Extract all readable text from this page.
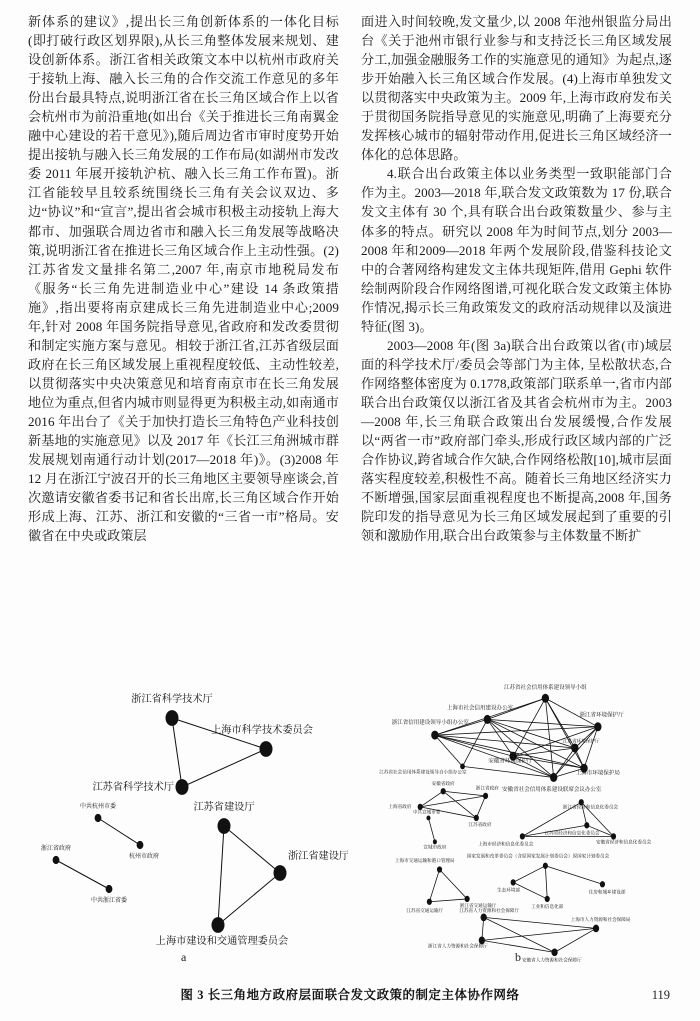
新体系的建议》,提出长三角创新体系的一体化目标(即打破行政区划界限),从长三角整体发展来规划、建设创新体系。浙江省相关政策文本中以杭州市政府关于接轨上海、融入长三角的合作交流工作意见的多年份出台最具特点,说明浙江省在长三角区域合作上以省会杭州市为前沿重地(如出台《关于推进长三角南翼金融中心建设的若干意见》),随后周边省市审时度势开始提出接轨与融入长三角发展的工作布局(如湖州市发改委 2011 年展开接轨沪杭、融入长三角工作布置)。浙江省能较早且较系统围绕长三角有关会议双边、多边“协议”和“宣言”,提出省会城市积极主动接轨上海大都市、加强联合周边省市和融入长三角发展等战略决策,说明浙江省在推进长三角区域合作上主动性强。(2)江苏省发文量排名第二,2007 年,南京市地税局发布《服务“长三角先进制造业中心”建设 14 条政策措施》,指出要将南京建成长三角先进制造业中心;2009 年,针对 2008 年国务院指导意见,省政府和发改委贯彻和制定实施方案与意见。相较于浙江省,江苏省级层面政府在长三角区域发展上重视程度较低、主动性较差,以贯彻落实中央决策意见和培育南京市在长三角发展地位为重点,但省内城市则显得更为积极主动,如南通市 2016 年出台了《关于加快打造长三角特色产业科技创新基地的实施意见》以及 2017 年《长江三角洲城市群发展规划南通行动计划(2017—2018 年)》。(3)2008 年 12 月在浙江宁波召开的长三角地区主要领导座谈会,首次邀请安徽省委书记和省长出席,长三角区域合作开始形成上海、江苏、浙江和安徽的“三省一市”格局。安徽省在中央或政策层

面进入时间较晚,发文量少,以 2008 年池州银监分局出台《关于池州市银行业参与和支持泛长三角区域发展分工,加强金融服务工作的实施意见的通知》为起点,逐步开始融入长三角区域合作发展。(4)上海市单独发文以贯彻落实中央政策为主。2009 年,上海市政府发布关于贯彻国务院指导意见的实施意见,明确了上海要充分发挥核心城市的辐射带动作用,促进长三角区域经济一体化的总体思路。

4.联合出台政策主体以业务类型一致职能部门合作为主。2003—2018 年,联合发文政策数为 17 份,联合发文主体有 30 个,具有联合出台政策数量少、参与主体多的特点。研究以 2008 年为时间节点,划分 2003—2008 年和2009—2018 年两个发展阶段,借鉴科技论文中的合著网络构建发文主体共现矩阵,借用 Gephi 软件绘制两阶段合作网络图谱,可视化联合发文政策主体协作情况,揭示长三角政策发文的政府活动规律以及演进特征(图 3)。

2003—2008 年(图 3a)联合出台政策以省(市)域层面的科学技术厅/委员会等部门为主体, 呈松散状态,合作网络整体密度为 0.1778,政策部门联系单一,省市内部联合出台政策仅以浙江省及其省会杭州市为主。2003—2008 年,长三角联合政策出台发展缓慢,合作发展以“两省一市”政府部门牵头,形成行政区域内部的广泛合作协议,跨省域合作欠缺,合作网络松散[10],城市层面落实程度较差,积极性不高。随着长三角地区经济实力不断增强,国家层面重视程度也不断提高,2008 年,国务院印发的指导意见为长三角区域发展起到了重要的引领和激励作用,联合出台政策参与主体数量不断扩

浙江省科学技术厅
上海市科学技术委员会
江苏省科学技术厅
江苏省建设厅
浙江省建设厅
上海市建设和交通管理委员会
中共杭州市委
杭州市政府
浙江省政府
中共浙江省委
a
江苏省社会信用体系建设领导小组
上海市社会信用建设办公室
浙江省信用建设领导小组办公室
浙江省环境保护厅
江苏省环境保护厅
安徽省环境保护厅
上海市环境保护局
安徽省社会信用体系建设联席会议办公室
江苏省社会信用体系建设领导自小组办公室
安徽省政府
浙江省政府
上海省政府
江苏省政府
中共宣城市委
宣城市政府
浙江省经济和信息化委员会
江苏省经济和信息化委员会
上海市经济和信息化委员会	安徽省经济和信息化委员会
国家发展和改革委员会（含原国家发展计划委员会）原国家计划委员会
生态环境部
工业和信息化部
住房和城乡建设部
上海市交通运输和港口管理局
浙江省交通运输厅
江苏省交通运输厅	江苏省人力资源和社会保障厅
上海市人力资源和社会保障局
浙江省人力资源和社会保障厅
安徽省人力资源和社会保障厅
b
图 3 长三角地方政府层面联合发文政策的制定主体协作网络	119
